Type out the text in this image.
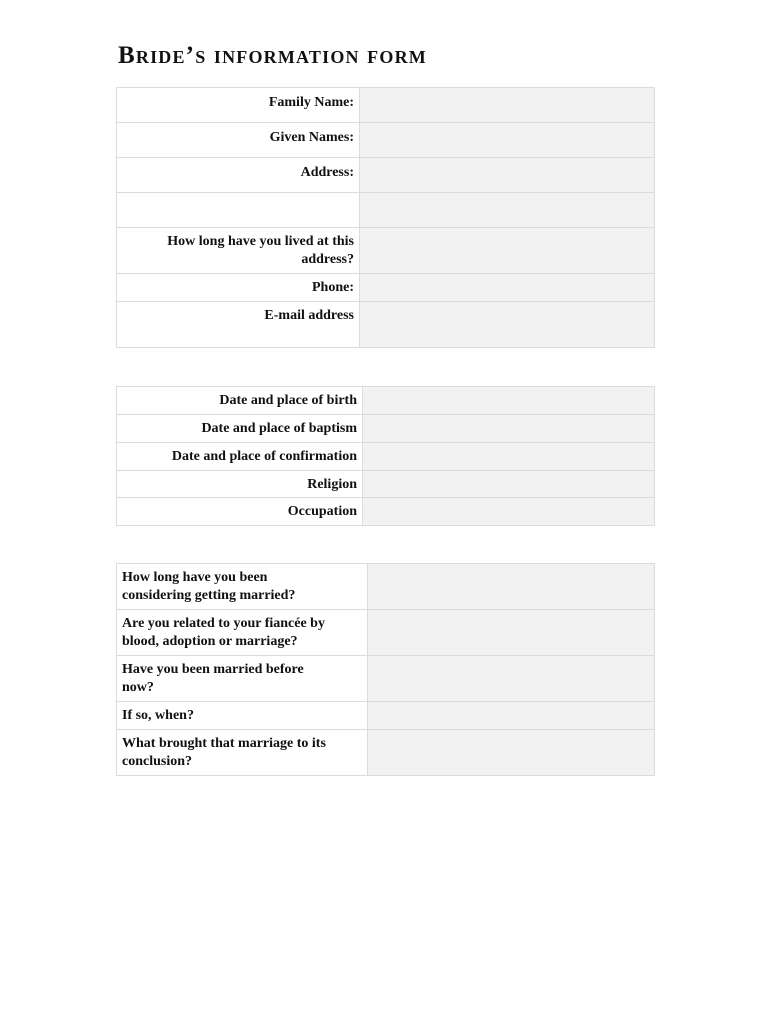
Bride’s information form
Family Name:	
Given Names:	
Address:	

How long have you lived at this address?	
Phone:	
E-mail address	
Date and place of birth	
Date and place of baptism	
Date and place of confirmation	
Religion	
Occupation	
How long have you been considering getting married?	
Are you related to your fiancée by blood, adoption or marriage?	
Have you been married before now?	
If so, when?	
What brought that marriage to its conclusion?	
